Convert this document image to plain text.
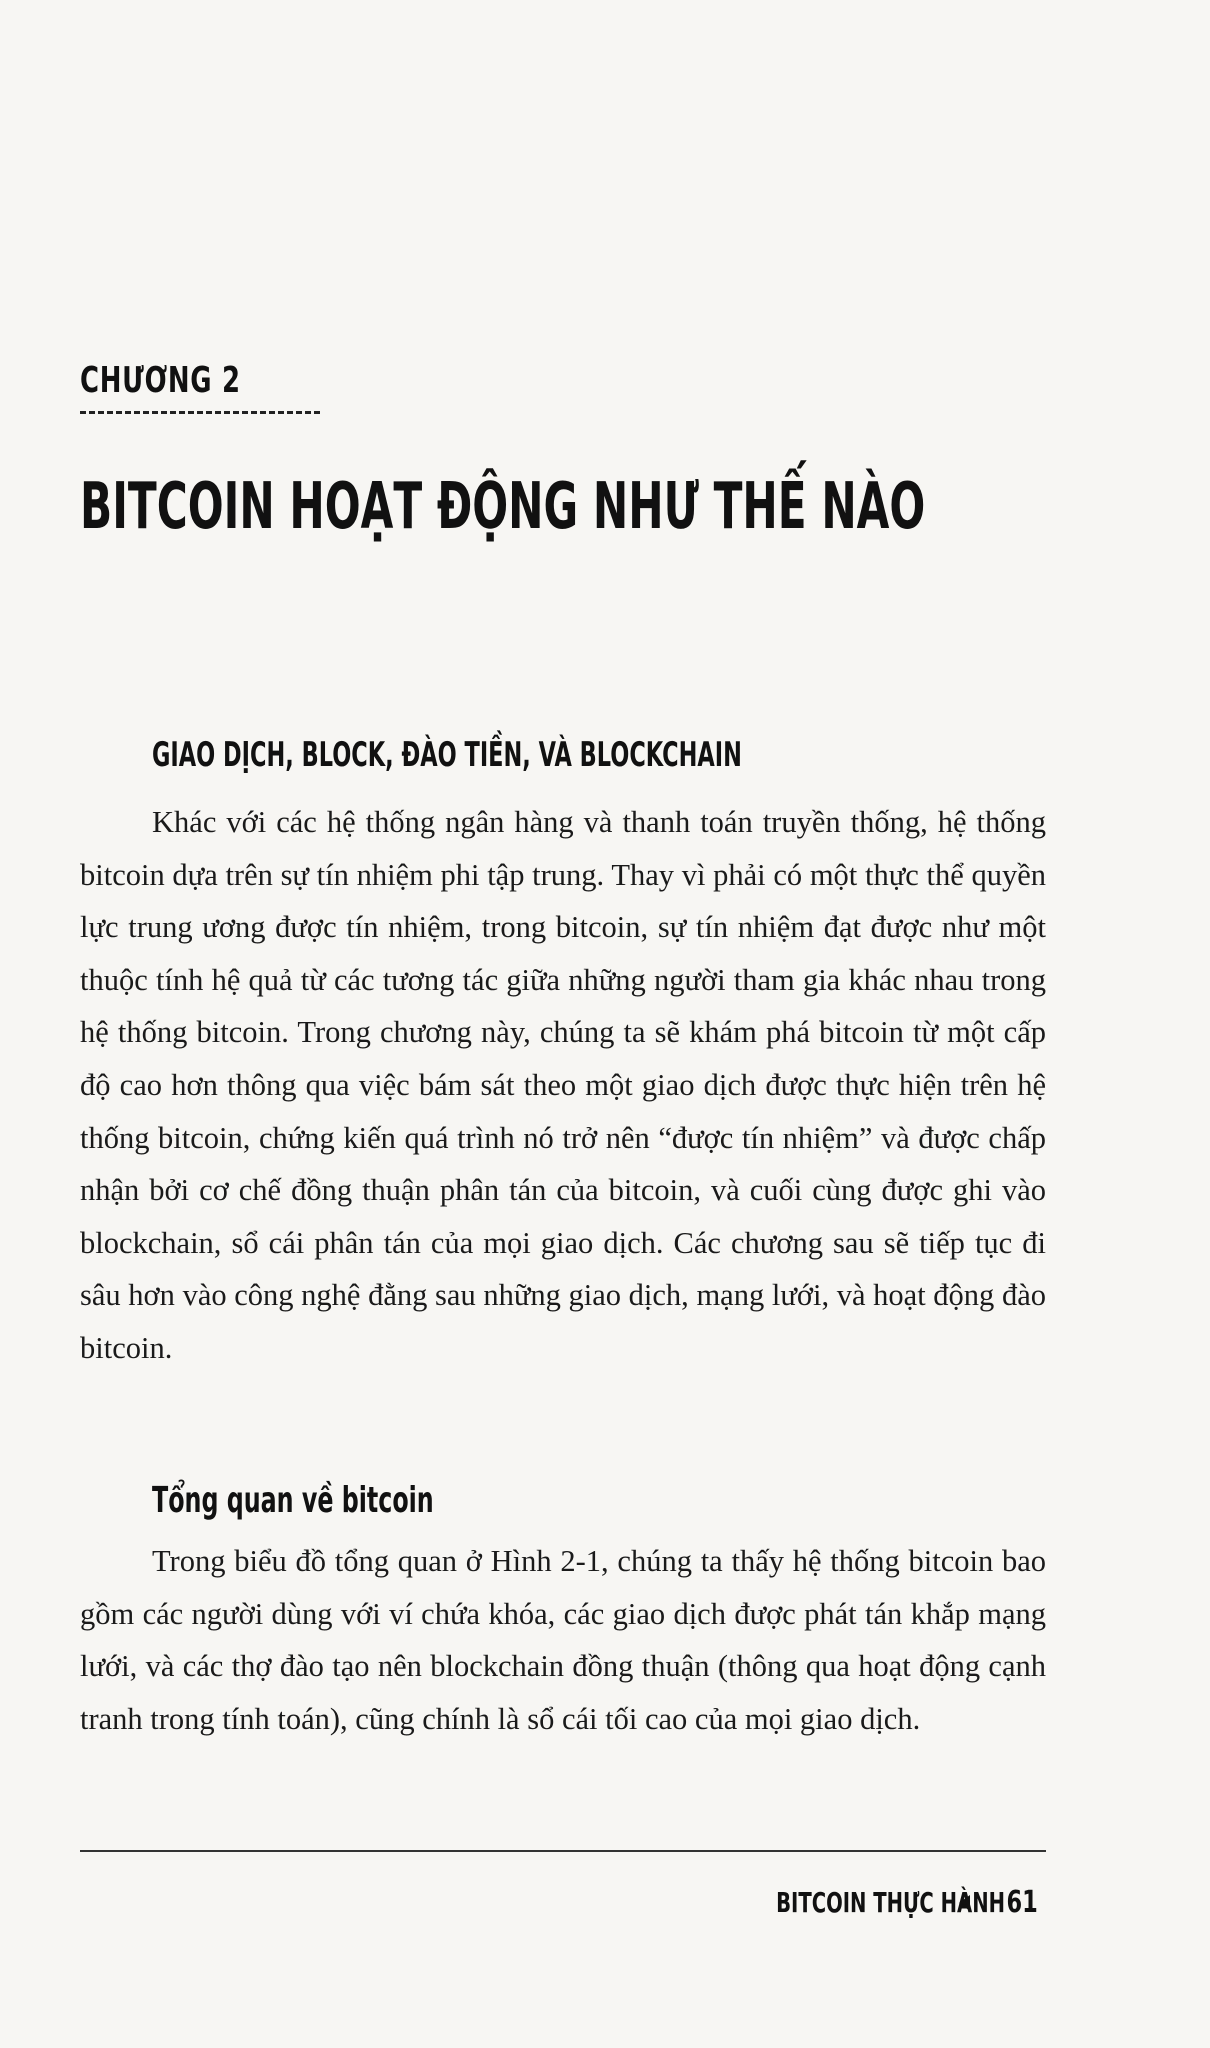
CHƯƠNG 2
BITCOIN HOẠT ĐỘNG NHƯ THẾ NÀO
GIAO DỊCH, BLOCK, ĐÀO TIỀN, VÀ BLOCKCHAIN

Khác với các hệ thống ngân hàng và thanh toán truyền thống, hệ thống bitcoin dựa trên sự tín nhiệm phi tập trung. Thay vì phải có một thực thể quyền lực trung ương được tín nhiệm, trong bitcoin, sự tín nhiệm đạt được như một thuộc tính hệ quả từ các tương tác giữa những người tham gia khác nhau trong hệ thống bitcoin. Trong chương này, chúng ta sẽ khám phá bitcoin từ một cấp độ cao hơn thông qua việc bám sát theo một giao dịch được thực hiện trên hệ thống bitcoin, chứng kiến quá trình nó trở nên “được tín nhiệm” và được chấp nhận bởi cơ chế đồng thuận phân tán của bitcoin, và cuối cùng được ghi vào blockchain, sổ cái phân tán của mọi giao dịch. Các chương sau sẽ tiếp tục đi sâu hơn vào công nghệ đằng sau những giao dịch, mạng lưới, và hoạt động đào bitcoin.

Tổng quan về bitcoin

Trong biểu đồ tổng quan ở Hình 2-1, chúng ta thấy hệ thống bitcoin bao gồm các người dùng với ví chứa khóa, các giao dịch được phát tán khắp mạng lưới, và các thợ đào tạo nên blockchain đồng thuận (thông qua hoạt động cạnh tranh trong tính toán), cũng chính là sổ cái tối cao của mọi giao dịch.

BITCOIN THỰC HÀNH 61
